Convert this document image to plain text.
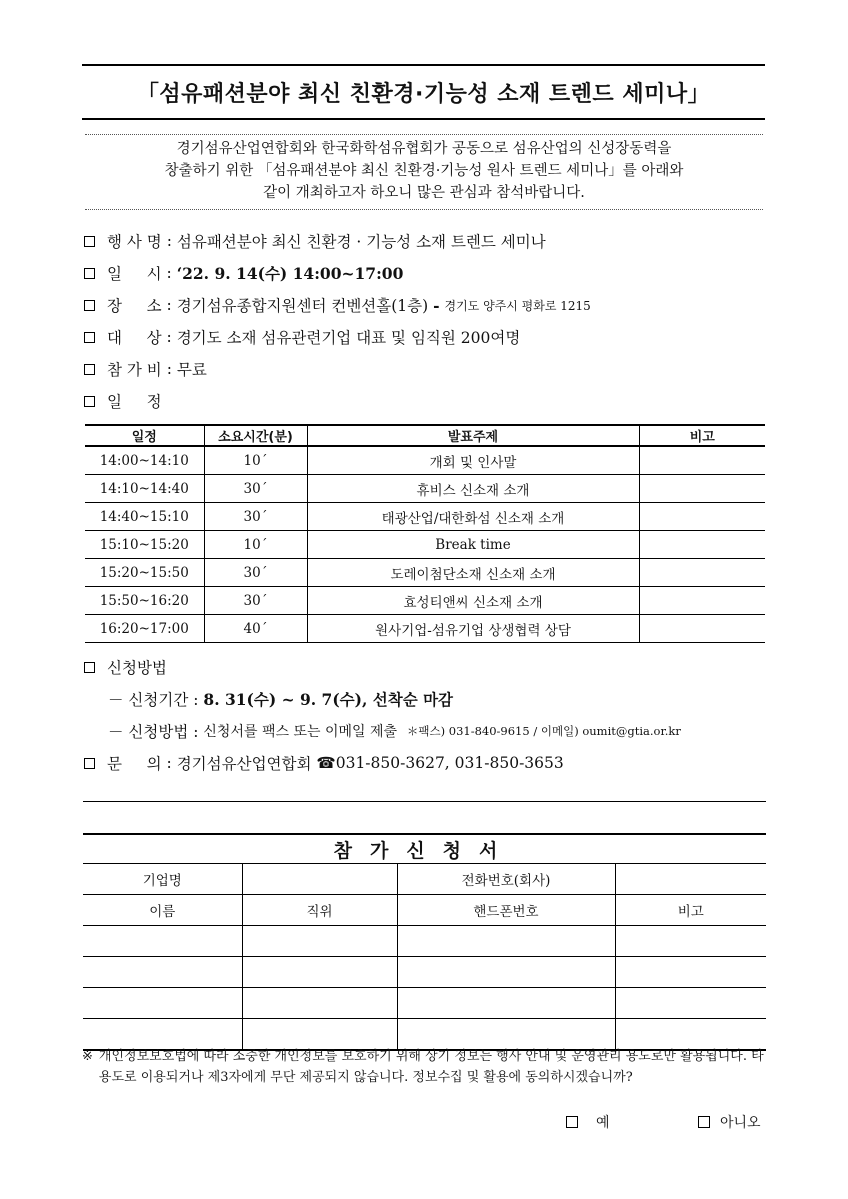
「섬유패션분야 최신 친환경·기능성 소재 트렌드 세미나」
경기섬유산업연합회와 한국화학섬유협회가 공동으로 섬유산업의 신성장동력을
창출하기 위한 「섬유패션분야 최신 친환경·기능성 원사 트렌드 세미나」를 아래와
같이 개최하고자 하오니 많은 관심과 참석바랍니다.
행 사 명
:
섬유패션분야 최신 친환경 · 기능성 소재 트렌드 세미나
일     시
:
‘22. 9. 14(수) 14:00~17:00
장     소
:
경기섬유종합지원센터 컨벤션홀(1층)
-
경기도 양주시 평화로 1215
대     상
:
경기도 소재 섬유관련기업 대표 및 임직원 200여명
참 가 비
:
무료
일     정
일정	소요시간(분)	발표주제	비고
14:00~14:10	10´	개회 및 인사말	
14:10~14:40	30´	휴비스 신소재 소개	
14:40~15:10	30´	태광산업/대한화섬 신소재 소개	
15:10~15:20	10´	Break time	
15:20~15:50	30´	도레이첨단소재 신소재 소개	
15:50~16:20	30´	효성티앤씨 신소재 소개	
16:20~17:00	40´	원사기업-섬유기업 상생협력 상담	
신청방법
－ 신청기간 :
8. 31(수) ~ 9. 7(수), 선착순 마감
－ 신청방법 :
신청서를 팩스 또는 이메일 제출
＊팩스) 031-840-9615 / 이메일) oumit@gtia.or.kr
문     의
:
경기섬유산업연합회
☎ 031-850-3627, 031-850-3653
참가신청서			
기업명		전화번호(회사)	
이름	직위	핸드폰번호	비고

※ 개인정보보호법에 따라 소중한 개인정보를 보호하기 위해 상기 정보는 행사 안내 및 운영관리 용도로만 활용됩니다. 타 용도로 이용되거나 제3자에게 무단 제공되지 않습니다. 정보수집 및 활용에 동의하시겠습니까?
예	아니오
